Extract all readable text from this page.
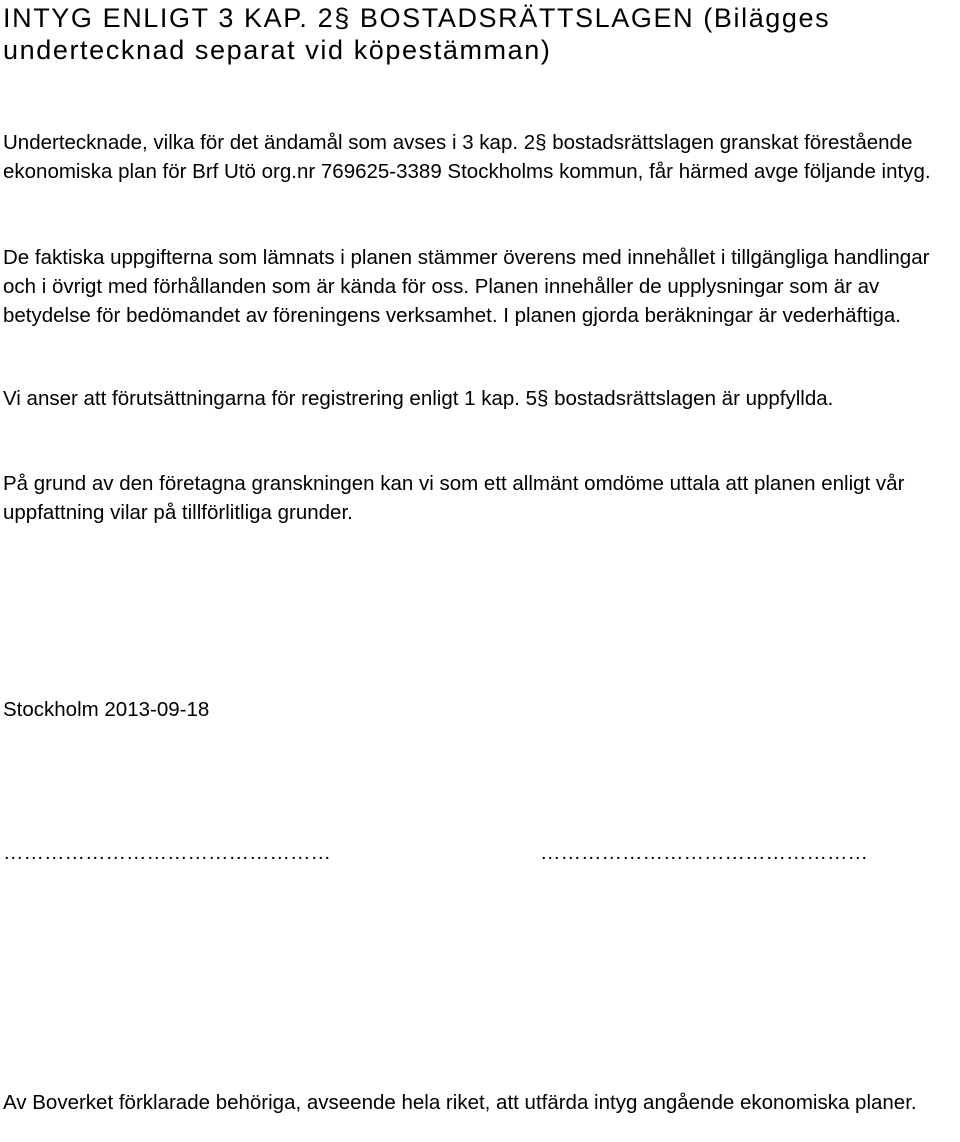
INTYG ENLIGT 3 KAP. 2§ BOSTADSRÄTTSLAGEN (Bilägges undertecknad separat vid köpestämman)

Undertecknade, vilka för det ändamål som avses i 3 kap. 2§ bostadsrättslagen granskat förestående ekonomiska plan för Brf Utö org.nr 769625-3389 Stockholms kommun, får härmed avge följande intyg.

De faktiska uppgifterna som lämnats i planen stämmer överens med innehållet i tillgängliga handlingar och i övrigt med förhållanden som är kända för oss. Planen innehåller de upplysningar som är av betydelse för bedömandet av föreningens verksamhet. I planen gjorda beräkningar är vederhäftiga.

Vi anser att förutsättningarna för registrering enligt 1 kap. 5§ bostadsrättslagen är uppfyllda.

På grund av den företagna granskningen kan vi som ett allmänt omdöme uttala att planen enligt vår uppfattning vilar på tillförlitliga grunder.

Stockholm 2013-09-18

…………………………………………	…………………………………………

Av Boverket förklarade behöriga, avseende hela riket, att utfärda intyg angående ekonomiska planer.
